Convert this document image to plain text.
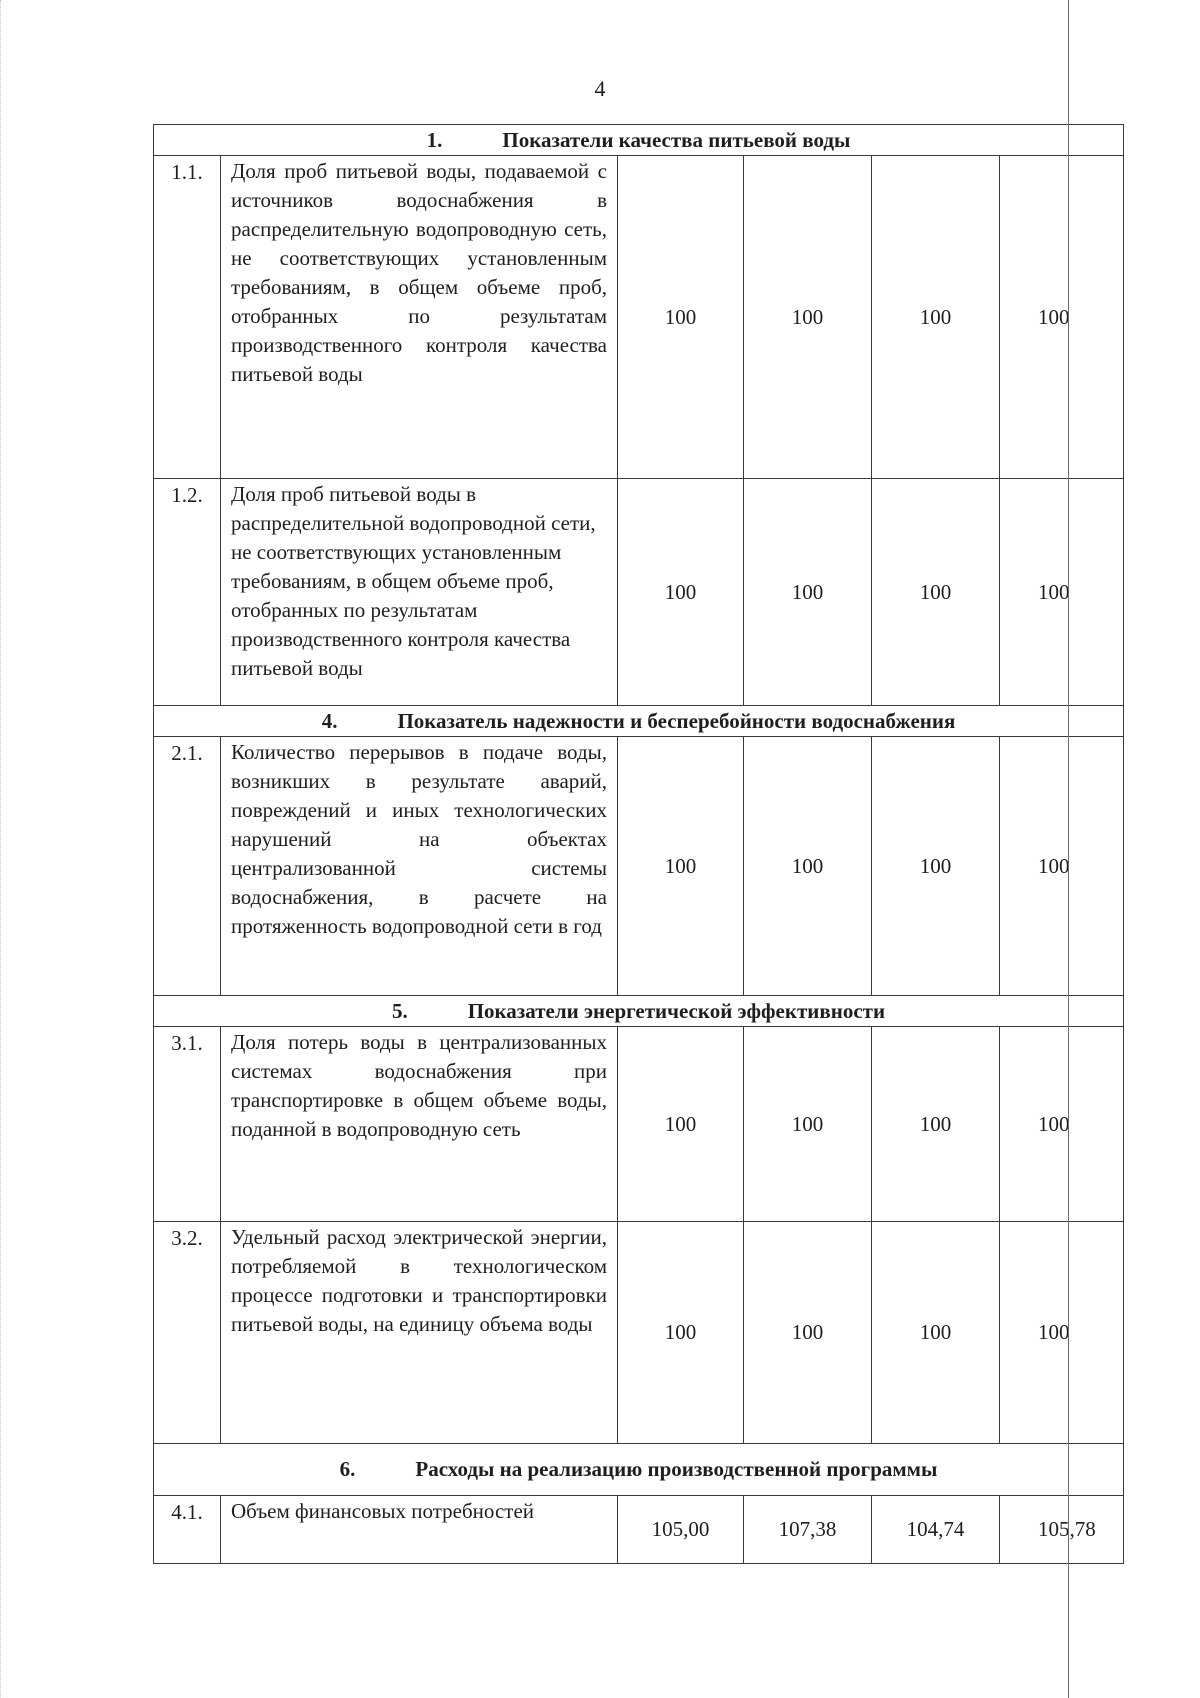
4
1. Показатели качества питьевой воды					
1.1.	Доля проб питьевой воды, подаваемой с источников водоснабжения в распределительную водопроводную сеть, не соответствующих установленным требованиям, в общем объеме проб, отобранных по результатам производственного контроля качества питьевой воды	100	100	100	100
1.2.	Доля проб питьевой воды в распределительной водопроводной сети, не соответствующих установленным требованиям, в общем объеме проб, отобранных по результатам производственного контроля качества питьевой воды	100	100	100	100
4. Показатель надежности и бесперебойности водоснабжения					
2.1.	Количество перерывов в подаче воды, возникших в результате аварий, повреждений и иных технологических нарушений на объектах централизованной системы водоснабжения, в расчете на протяженность водопроводной сети в год	100	100	100	100
5. Показатели энергетической эффективности					
3.1.	Доля потерь воды в централизованных системах водоснабжения при транспортировке в общем объеме воды, поданной в водопроводную сеть	100	100	100	100
3.2.	Удельный расход электрической энергии, потребляемой в технологическом процессе подготовки и транспортировки питьевой воды, на единицу объема воды	100	100	100	100
6. Расходы на реализацию производственной программы					
4.1.	Объем финансовых потребностей	105,00	107,38	104,74	105,78
